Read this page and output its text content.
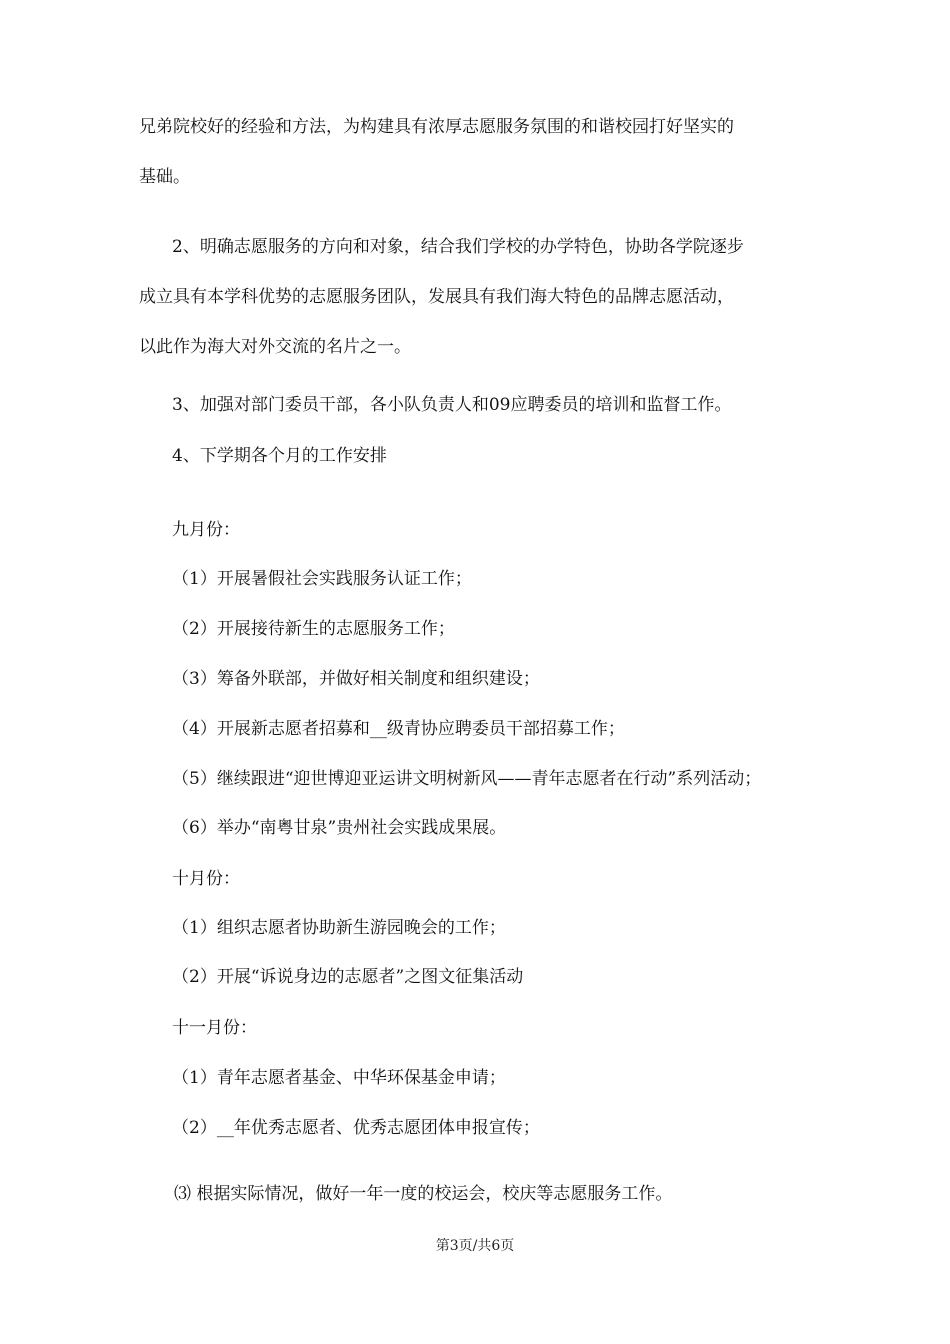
兄弟院校好的经验和方法，为构建具有浓厚志愿服务氛围的和谐校园打好坚实的
基础。
2、明确志愿服务的方向和对象，结合我们学校的办学特色，协助各学院逐步
成立具有本学科优势的志愿服务团队，发展具有我们海大特色的品牌志愿活动，
以此作为海大对外交流的名片之一。
3、加强对部门委员干部，各小队负责人和09应聘委员的培训和监督工作。
4、下学期各个月的工作安排
九月份：
（1）开展暑假社会实践服务认证工作；
（2）开展接待新生的志愿服务工作；
（3）筹备外联部，并做好相关制度和组织建设；
（4）开展新志愿者招募和__级青协应聘委员干部招募工作；
（5）继续跟进“迎世博迎亚运讲文明树新风——青年志愿者在行动”系列活动；
（6）举办“南粤甘泉”贵州社会实践成果展。
十月份：
（1）组织志愿者协助新生游园晚会的工作；
（2）开展“诉说身边的志愿者”之图文征集活动
十一月份：
（1）青年志愿者基金、中华环保基金申请；
（2）__年优秀志愿者、优秀志愿团体申报宣传；
⑶ 根据实际情况，做好一年一度的校运会，校庆等志愿服务工作。
第3页/共6页
